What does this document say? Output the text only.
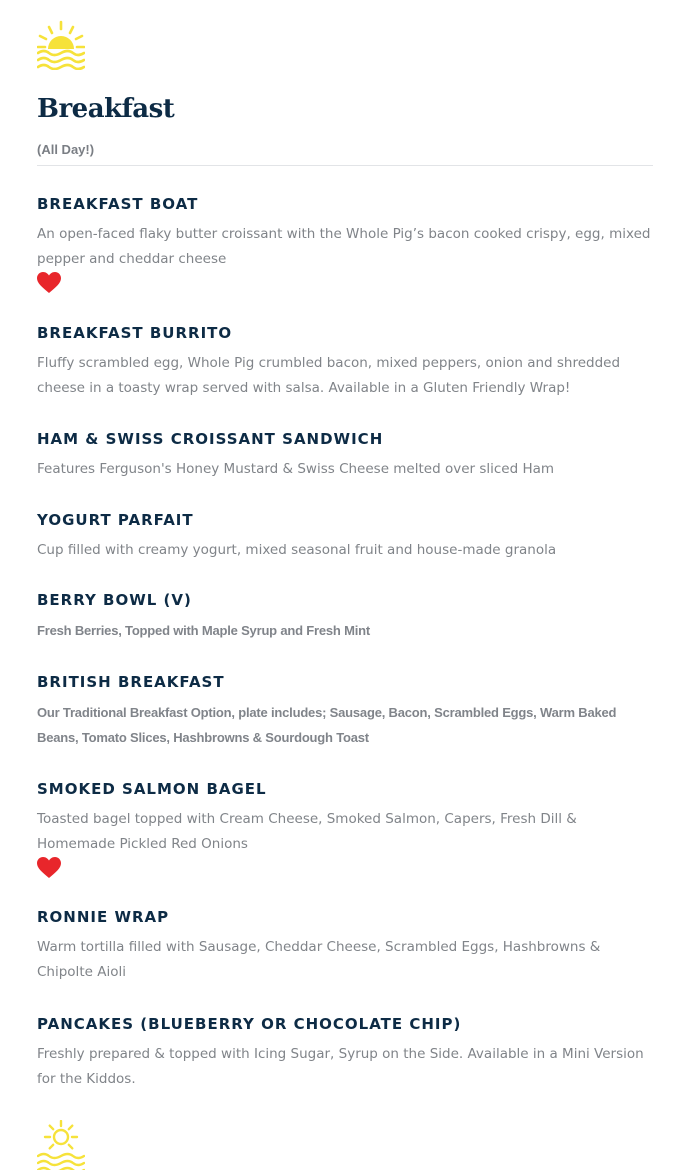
Breakfast
(All Day!)
BREAKFAST BOAT

An open-faced flaky butter croissant with the Whole Pig’s bacon cooked crispy, egg, mixed pepper and cheddar cheese

BREAKFAST BURRITO

Fluffy scrambled egg, Whole Pig crumbled bacon, mixed peppers, onion and shredded cheese in a toasty wrap served with salsa. Available in a Gluten Friendly Wrap!

HAM & SWISS CROISSANT SANDWICH

Features Ferguson's Honey Mustard & Swiss Cheese melted over sliced Ham

YOGURT PARFAIT

Cup filled with creamy yogurt, mixed seasonal fruit and house-made granola

BERRY BOWL (V)

Fresh Berries, Topped with Maple Syrup and Fresh Mint

BRITISH BREAKFAST

Our Traditional Breakfast Option, plate includes; Sausage, Bacon, Scrambled Eggs, Warm Baked Beans, Tomato Slices, Hashbrowns & Sourdough Toast

SMOKED SALMON BAGEL

Toasted bagel topped with Cream Cheese, Smoked Salmon, Capers, Fresh Dill & Homemade Pickled Red Onions

RONNIE WRAP

Warm tortilla filled with Sausage, Cheddar Cheese, Scrambled Eggs, Hashbrowns & Chipolte Aioli

PANCAKES (BLUEBERRY OR CHOCOLATE CHIP)

Freshly prepared & topped with Icing Sugar, Syrup on the Side. Available in a Mini Version for the Kiddos.
